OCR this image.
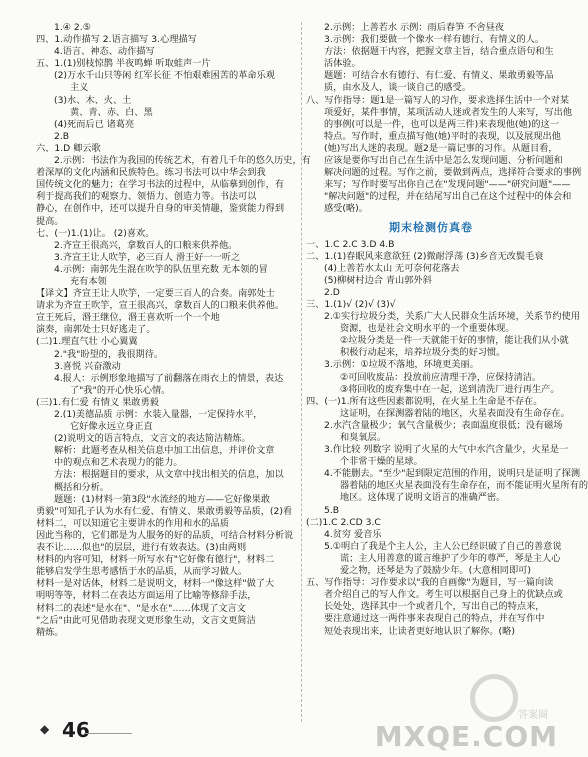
1.④ 2.⑤
四、1.动作描写 2.语言描写 3.心理描写
4.语言、神态、动作描写
五、1.(1)别枝惊鹊 半夜鸣蝉 听取蛙声一片
(2)万水千山只等闲 红军长征 不怕艰难困苦的革命乐观
主义
(3)水、木、火、土
黄、青、赤、白、黑
(4)死而后已 诸葛亮
2.B
六、1.D 卿云歌
2.示例：书法作为我国的传统艺术，有着几千年的悠久历史，有
着深厚的文化内涵和民族特色。练习书法可以中华会到我
国传统文化的魅力；在学习书法的过程中，从临摹到创作，有
利于提高我们的观察力、领悟力、创造力等。书法可以
静心，在创作中，还可以提升自身的审美情趣，鉴赏能力得到
提高。
七、(一)1.(1)让。 (2)喜欢。
2.齐宣王很高兴，拿数百人的口粮来供养他。
3.齐宣王让人吹竽，必三百人 滑王好一一听之
4.示例：南郭先生混在吹竽的队伍里充数 无本领的冒
充有本领
【译文】齐宣王让人吹竽，一定要三百人的合奏。南郭处士
请求为齐宣王吹竽，宣王很高兴，拿数百人的口粮来供养他。
宣王死后，湣王继位，湣王喜欢听一个一个地
演奏，南郭处士只好逃走了。
(二)1.理直气壮 小心翼翼
2."我"盼望的，我很期待。
3.喜悦 兴奋激动
4.报人：示例形象地描写了前翻落在雨衣上的情景，表达
了"我"的开心快乐心情。
(三)1.有仁爱 有情义 果敢勇毅
2.(1)美德品质 示例：水装入量器，一定保持水平，
它好像永远立身正直
(2)说明文的语言特点，文言文的表达简洁精炼。
解析：此题考查从相关信息中加工出信息，并评价文章
中的观点和艺术表现力的能力。
方法：根据题目的要求，从文章中找出相关的信息，加以
概括和分析。
题题：(1)材料一第3段"水流经的地方——它好像果敢
勇毅"可知孔子认为水有仁爱、有情义、果敢勇毅等品质，(2)看
材料二，可以知道它主要讲水的作用和水的品质
因此当称的，它们都是为人服务的好的品质，可结合材料分析说
表不让……似也"的层层，进行有效表达。(3)由两则
材料的内容可知，材料一所写水有"它好像有德行"，材料二
能够启发学生思考感悟于水的品质，从而学习做人。
材料一是对话体，材料二是说明文，材料一"像这样"做了大
明明等等，材料二在表达方面运用了比喻等修辞手法，
材料二的表述"是水在"、"是水在"……体现了文言文
"之后"由此可见借助表现文更形象生动，文言文更简洁
精炼。
2.示例：上善若水 示例：雨后春笋 不舍昼夜
3.示例：我们要做一个像水一样有德行、有情义的人。
方法：依据题干内容，把握文章主旨，结合重点语句和生
活体验。
题题：可结合水有德行、有仁爱、有情义、果敢勇毅等品
质，由水及人，谈一谈自己的感受。
八、写作指导：题1是一篇写人的习作，要求选择生活中一个对某
项爱好，某件事情，某项活动人迷或者发生的人来写，写出他
的事例(可以是一件，也可以是两三件)来表现他(她)的这一
特点。写作时，重点描写他(她)平时的表现，以及展现出他
(她)写出人迷的表现。题2是一篇记事的习作。从题目看，
应该是要你写出自己在生活中是怎么发现问题、分析问题和
解决问题的过程。写作之前，要做到两点，选择符合要求的事例
来写；写作时要写出你自己在"发现问题"——"研究问题"——
"解决问题"的过程，并在结尾写出自己在这个过程中的体会和
感受(略)。
期末检测仿真卷
一、1.C 2.C 3.D 4.B
二、1.(1)春眠风来意欲狂 (2)微耐浮荡 (3)乡音无改鬓毛衰
(4)上善若水太山 无可奈何花落去
(5)柳树村边合 青山郭外斜
2.D
三、1.(1)√ (2)√ (3)√
2.①实行垃圾分类，关系广大人民群众生活环境，关系节约使用
资源，也是社会文明水平的一个重要体现。
②垃圾分类是一件一天就能干好的事情，能让我们从小就
积极行动起来，培养垃圾分类的好习惯。
3.示例：①垃圾不落地，环境更美丽。
②可回收废品：投放前应清理干净，应保持清洁。
③将回收的废弃集中在一起，送到清洗厂进行再生产。
四、(一)1.所有这些因素都说明，在火星上生命是不存在。
这证明，在探测器着陆的地区，火星表面没有生命存在。
2.水汽含量极少；氧气含量极少；表面温度很低；没有磁场
和臭氧层。
3.作比较 列数字 说明了火星的大气中水汽含量少，火星是一
个非常干燥的星球。
4.不能删去。"至少"起到限定范围的作用，说明只是证明了探测
器着陆的地区火星表面没有生命存在，而不能证明火星所有的
地区。这体现了说明文语言的准确严密。
5.B
(二)1.C 2.CD 3.C
4.贫穷 爱音乐
5.①明白了我是个主人公，主人公已经识破了自己的善意说
谎；主人用善意的谎言维护了少年的尊严，琴是主人心
爱之物，还琴是为了鼓励少年。(大意相同即可)
五、写作指导：习作要求以"我的自画像"为题目，写一篇向读
者介绍自己的写人作文。考生可以根据自己身上的优缺点或
长处处，选择其中一个或者几个，写出自己的特点来，
要注意通过这一两件事来表现自己的特点，并在写作中
短处表现出来，让读者更好地认识了解你。(略)
◆ 46
答案圈
MXQE.COM
